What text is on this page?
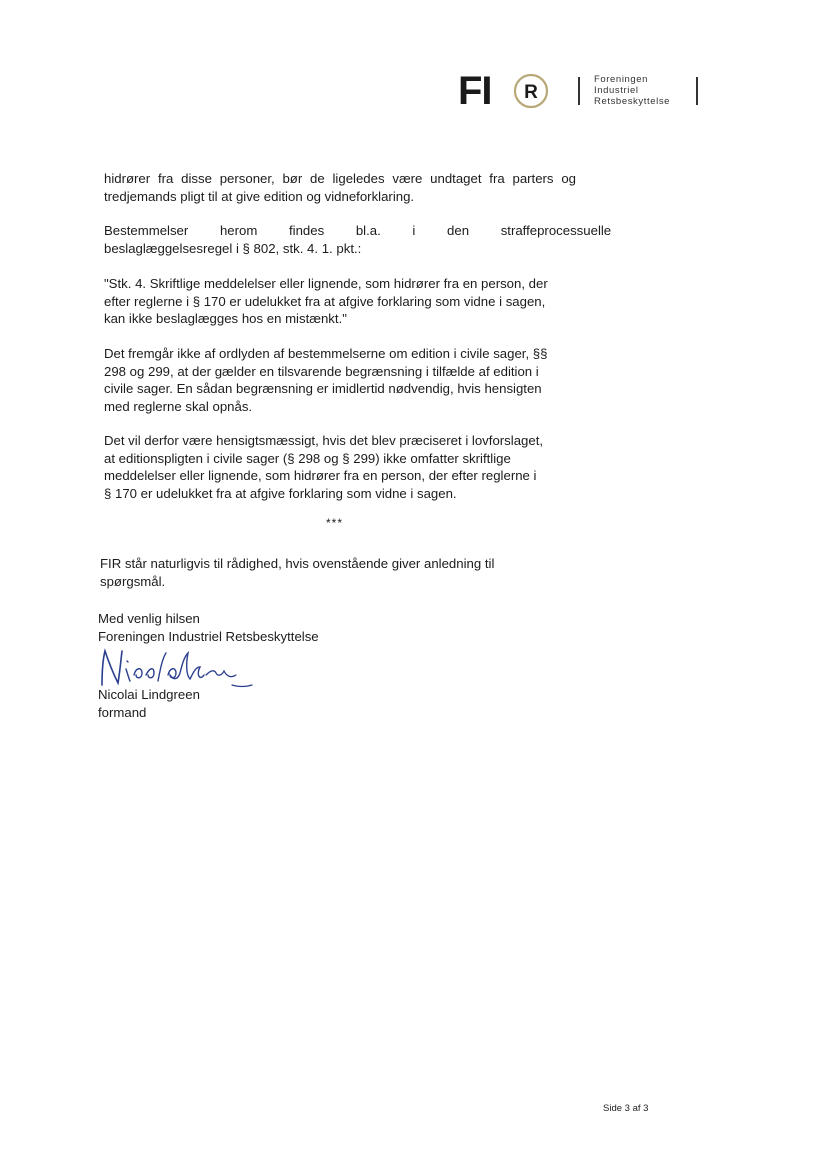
FI R
Foreningen
Industriel
Retsbeskyttelse
hidrører fra disse personer, bør de ligeledes være undtaget fra parters og
tredjemands pligt til at give edition og vidneforklaring.
Bestemmelser herom findes bl.a. i den straffeprocessuelle
beslaglæggelsesregel i § 802, stk. 4. 1. pkt.:
"Stk. 4. Skriftlige meddelelser eller lignende, som hidrører fra en person, der
efter reglerne i § 170 er udelukket fra at afgive forklaring som vidne i sagen,
kan ikke beslaglægges hos en mistænkt."
Det fremgår ikke af ordlyden af bestemmelserne om edition i civile sager, §§
298 og 299, at der gælder en tilsvarende begrænsning i tilfælde af edition i
civile sager. En sådan begrænsning er imidlertid nødvendig, hvis hensigten
med reglerne skal opnås.
Det vil derfor være hensigtsmæssigt, hvis det blev præciseret i lovforslaget,
at editionspligten i civile sager (§ 298 og § 299) ikke omfatter skriftlige
meddelelser eller lignende, som hidrører fra en person, der efter reglerne i
§ 170 er udelukket fra at afgive forklaring som vidne i sagen.
***
FIR står naturligvis til rådighed, hvis ovenstående giver anledning til
spørgsmål.
Med venlig hilsen
Foreningen Industriel Retsbeskyttelse
Nicolai Lindgreen
formand
Side 3 af 3
